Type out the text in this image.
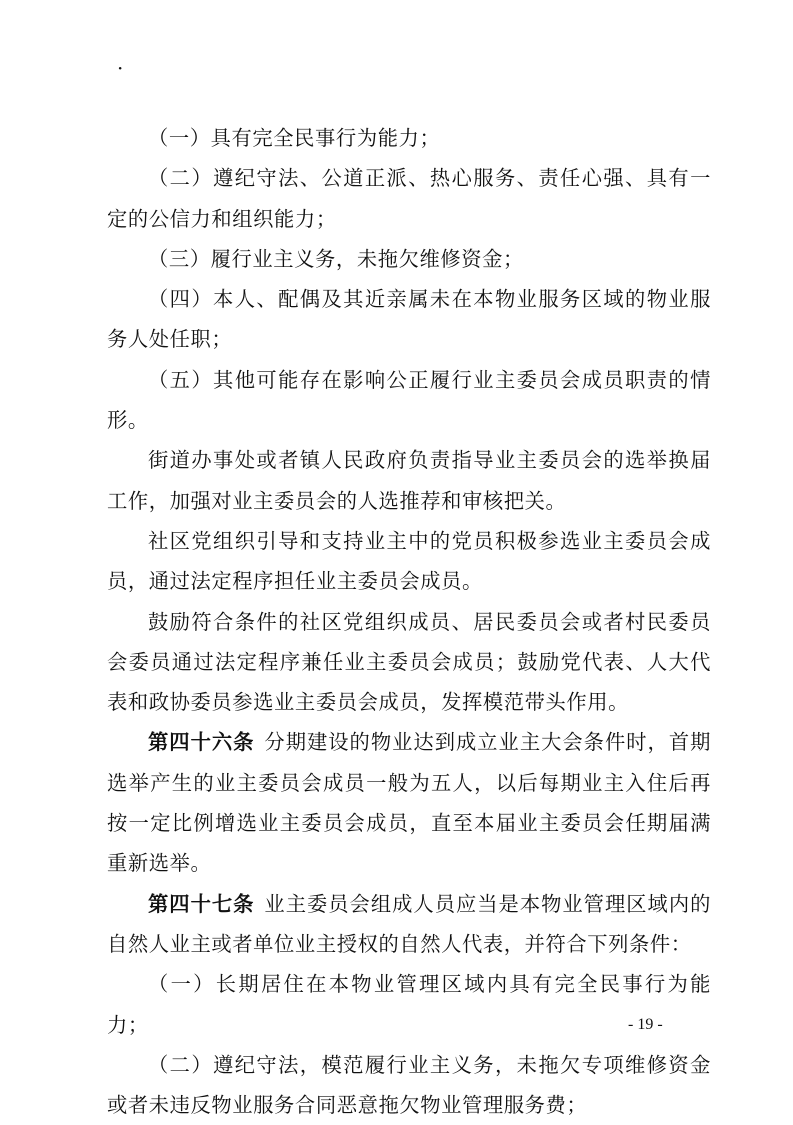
·

（一）具有完全民事行为能力；

（二）遵纪守法、公道正派、热心服务、责任心强、具有一定的公信力和组织能力；

（三）履行业主义务，未拖欠维修资金；

（四）本人、配偶及其近亲属未在本物业服务区域的物业服务人处任职；

（五）其他可能存在影响公正履行业主委员会成员职责的情形。

街道办事处或者镇人民政府负责指导业主委员会的选举换届工作，加强对业主委员会的人选推荐和审核把关。

社区党组织引导和支持业主中的党员积极参选业主委员会成员，通过法定程序担任业主委员会成员。

鼓励符合条件的社区党组织成员、居民委员会或者村民委员会委员通过法定程序兼任业主委员会成员；鼓励党代表、人大代表和政协委员参选业主委员会成员，发挥模范带头作用。

第四十六条 分期建设的物业达到成立业主大会条件时，首期选举产生的业主委员会成员一般为五人，以后每期业主入住后再按一定比例增选业主委员会成员，直至本届业主委员会任期届满重新选举。

第四十七条 业主委员会组成人员应当是本物业管理区域内的自然人业主或者单位业主授权的自然人代表，并符合下列条件：

（一）长期居住在本物业管理区域内具有完全民事行为能力；

（二）遵纪守法，模范履行业主义务，未拖欠专项维修资金或者未违反物业服务合同恶意拖欠物业管理服务费；

- 19 -
